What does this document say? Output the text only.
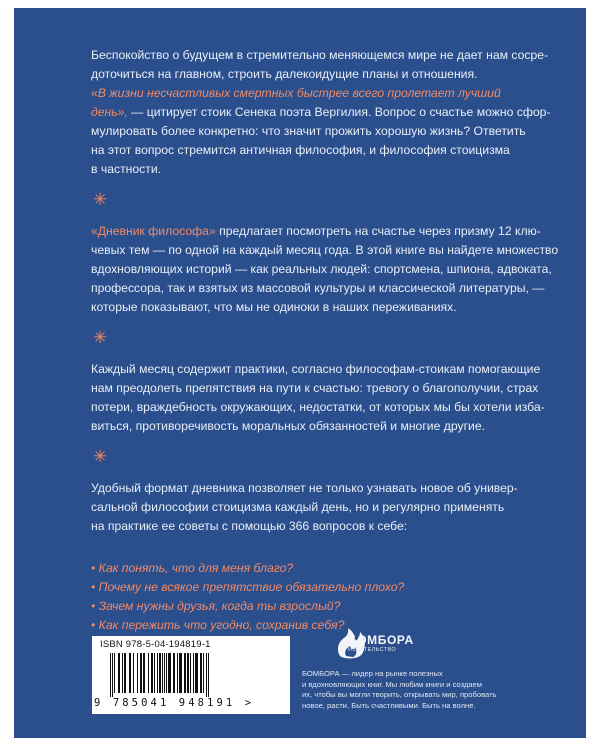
Беспокойство о будущем в стремительно меняющемся мире не дает нам сосре-
доточиться на главном, строить далекоидущие планы и отношения.
«В жизни несчастливых смертных быстрее всего пролетает лучший
день», — цитирует стоик Сенека поэта Вергилия. Вопрос о счастье можно сфор-
мулировать более конкретно: что значит прожить хорошую жизнь? Ответить
на этот вопрос стремится античная философия, и философия стоицизма
в частности.

✳

«Дневник философа» предлагает посмотреть на счастье через призму 12 клю-
чевых тем — по одной на каждый месяц года. В этой книге вы найдете множество
вдохновляющих историй — как реальных людей: спортсмена, шпиона, адвоката,
профессора, так и взятых из массовой культуры и классической литературы, —
которые показывают, что мы не одиноки в наших переживаниях.

✳

Каждый месяц содержит практики, согласно философам-стоикам помогающие
нам преодолеть препятствия на пути к счастью: тревогу о благополучии, страх
потери, враждебность окружающих, недостатки, от которых мы бы хотели изба-
виться, противоречивость моральных обязанностей и многие другие.

✳

Удобный формат дневника позволяет не только узнавать новое об универ-
сальной философии стоицизма каждый день, но и регулярно применять
на практике ее советы с помощью 366 вопросов к себе:

• Как понять, что для меня благо?
• Почему не всякое препятствие обязательно плохо?
• Зачем нужны друзья, когда ты взрослый?
• Как пережить что угодно, сохранив себя?
ISBN 978-5-04-194819-1
9 785041 948191 >
БОМБОРА
ИЗДАТЕЛЬСТВО
БОМБОРА — лидер на рынке полезных
и вдохновляющих книг. Мы любим книги и создаем
их, чтобы вы могли творить, открывать мир, пробовать
новое, расти. Быть счастливыми. Быть на волне.
